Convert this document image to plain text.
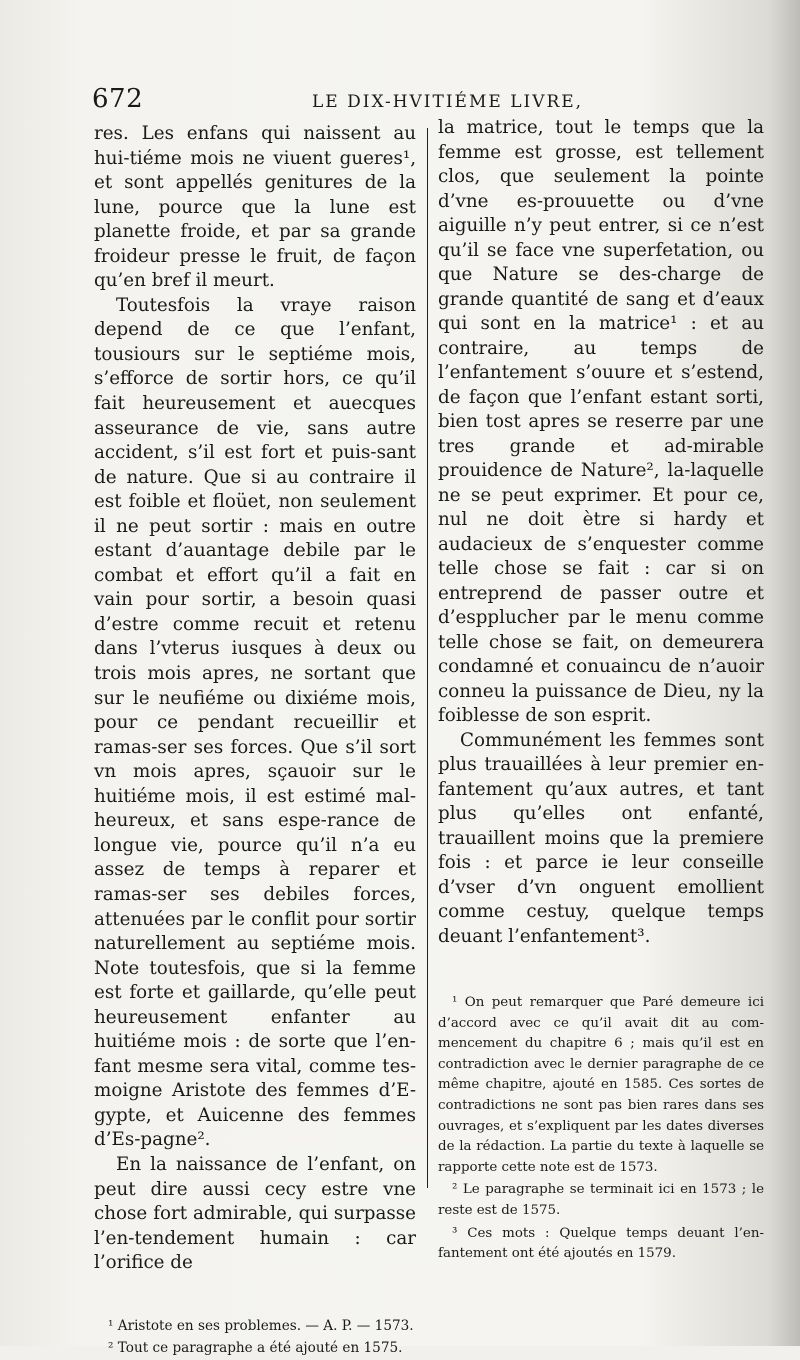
672	LE DIX-HVITIÉME LIVRE,

res. Les enfans qui naissent au hui-tiéme mois ne viuent gueres¹, et sont appellés genitures de la lune, pource que la lune est planette froide, et par sa grande froideur presse le fruit, de façon qu’en bref il meurt.

Toutesfois la vraye raison depend de ce que l’enfant, tousiours sur le septiéme mois, s’efforce de sortir hors, ce qu’il fait heureusement et auecques asseurance de vie, sans autre accident, s’il est fort et puis-sant de nature. Que si au contraire il est foible et floüet, non seulement il ne peut sortir : mais en outre estant d’auantage debile par le combat et effort qu’il a fait en vain pour sortir, a besoin quasi d’estre comme recuit et retenu dans l’vterus iusques à deux ou trois mois apres, ne sortant que sur le neufiéme ou dixiéme mois, pour ce pendant recueillir et ramas-ser ses forces. Que s’il sort vn mois apres, sçauoir sur le huitiéme mois, il est estimé mal-heureux, et sans espe-rance de longue vie, pource qu’il n’a eu assez de temps à reparer et ramas-ser ses debiles forces, attenuées par le conflit pour sortir naturellement au septiéme mois. Note toutesfois, que si la femme est forte et gaillarde, qu’elle peut heureusement enfanter au huitiéme mois : de sorte que l’en-fant mesme sera vital, comme tes-moigne Aristote des femmes d’E-gypte, et Auicenne des femmes d’Es-pagne².

En la naissance de l’enfant, on peut dire aussi cecy estre vne chose fort admirable, qui surpasse l’en-tendement humain : car l’orifice de

¹ Aristote en ses problemes. — A. P. — 1573.

² Tout ce paragraphe a été ajouté en 1575.

la matrice, tout le temps que la femme est grosse, est tellement clos, que seulement la pointe d’vne es-prouuette ou d’vne aiguille n’y peut entrer, si ce n’est qu’il se face vne superfetation, ou que Nature se des-charge de grande quantité de sang et d’eaux qui sont en la matrice¹ : et au contraire, au temps de l’enfantement s’ouure et s’estend, de façon que l’enfant estant sorti, bien tost apres se reserre par une tres grande et ad-mirable prouidence de Nature², la-laquelle ne se peut exprimer. Et pour ce, nul ne doit ètre si hardy et audacieux de s’enquester comme telle chose se fait : car si on entreprend de passer outre et d’espplucher par le menu comme telle chose se fait, on demeurera condamné et conuaincu de n’auoir conneu la puissance de Dieu, ny la foiblesse de son esprit.

Communément les femmes sont plus trauaillées à leur premier en-fantement qu’aux autres, et tant plus qu’elles ont enfanté, trauaillent moins que la premiere fois : et parce ie leur conseille d’vser d’vn onguent emollient comme cestuy, quelque temps deuant l’enfantement³.

¹ On peut remarquer que Paré demeure ici d’accord avec ce qu’il avait dit au com-mencement du chapitre 6 ; mais qu’il est en contradiction avec le dernier paragraphe de ce même chapitre, ajouté en 1585. Ces sortes de contradictions ne sont pas bien rares dans ses ouvrages, et s’expliquent par les dates diverses de la rédaction. La partie du texte à laquelle se rapporte cette note est de 1573.

² Le paragraphe se terminait ici en 1573 ; le reste est de 1575.

³ Ces mots : Quelque temps deuant l’en-fantement ont été ajoutés en 1579.
